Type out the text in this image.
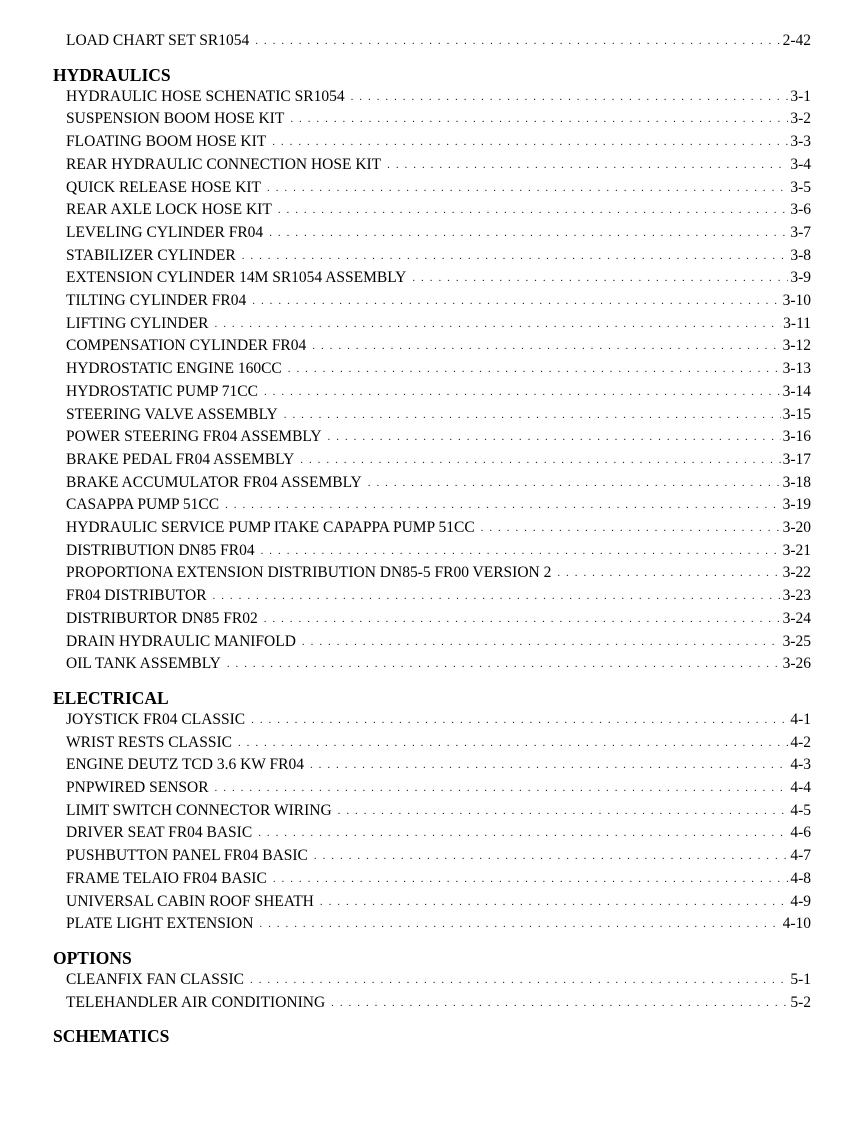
LOAD CHART SET SR1054 . . .	2-42
HYDRAULICS
HYDRAULIC HOSE SCHENATIC SR1054 . . .	3-1
SUSPENSION BOOM HOSE KIT . . .	3-2
FLOATING BOOM HOSE KIT . . .	3-3
REAR HYDRAULIC CONNECTION HOSE KIT . . .	3-4
QUICK RELEASE HOSE KIT . . .	3-5
REAR AXLE LOCK HOSE KIT . . .	3-6
LEVELING CYLINDER FR04 . . .	3-7
STABILIZER CYLINDER . . .	3-8
EXTENSION CYLINDER 14M SR1054 ASSEMBLY . . .	3-9
TILTING CYLINDER FR04 . . .	3-10
LIFTING CYLINDER . . .	3-11
COMPENSATION CYLINDER FR04 . . .	3-12
HYDROSTATIC ENGINE 160CC . . .	3-13
HYDROSTATIC PUMP 71CC . . .	3-14
STEERING VALVE ASSEMBLY . . .	3-15
POWER STEERING FR04 ASSEMBLY . . .	3-16
BRAKE PEDAL FR04 ASSEMBLY . . .	3-17
BRAKE ACCUMULATOR FR04 ASSEMBLY . . .	3-18
CASAPPA PUMP 51CC . . .	3-19
HYDRAULIC SERVICE PUMP ITAKE CAPAPPA PUMP 51CC . . .	3-20
DISTRIBUTION DN85 FR04 . . .	3-21
PROPORTIONA EXTENSION DISTRIBUTION DN85-5 FR00 VERSION 2 . . .	3-22
FR04 DISTRIBUTOR . . .	3-23
DISTRIBURTOR DN85 FR02 . . .	3-24
DRAIN HYDRAULIC MANIFOLD . . .	3-25
OIL TANK ASSEMBLY . . .	3-26
ELECTRICAL
JOYSTICK FR04 CLASSIC . . .	4-1
WRIST RESTS CLASSIC . . .	4-2
ENGINE DEUTZ TCD 3.6 KW FR04 . . .	4-3
PNPWIRED SENSOR . . .	4-4
LIMIT SWITCH CONNECTOR WIRING . . .	4-5
DRIVER SEAT FR04 BASIC . . .	4-6
PUSHBUTTON PANEL FR04 BASIC . . .	4-7
FRAME TELAIO FR04 BASIC . . .	4-8
UNIVERSAL CABIN ROOF SHEATH . . .	4-9
PLATE LIGHT EXTENSION . . .	4-10
OPTIONS
CLEANFIX FAN CLASSIC . . .	5-1
TELEHANDLER AIR CONDITIONING . . .	5-2
SCHEMATICS
